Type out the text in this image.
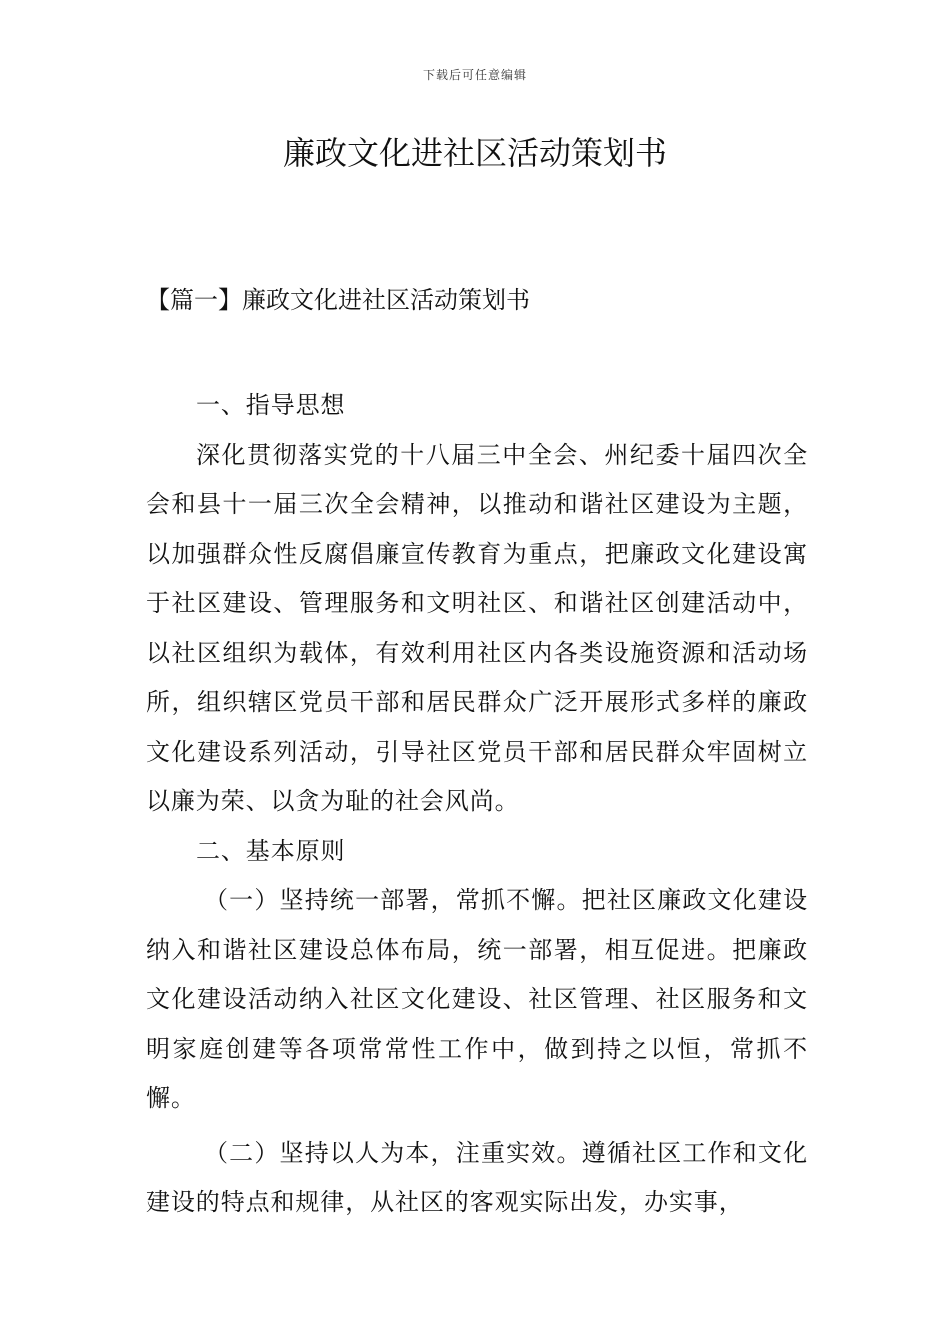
下载后可任意编辑
廉政文化进社区活动策划书
【篇一】廉政文化进社区活动策划书

一、指导思想

深化贯彻落实党的十八届三中全会、州纪委十届四次全会和县十一届三次全会精神，以推动和谐社区建设为主题，以加强群众性反腐倡廉宣传教育为重点，把廉政文化建设寓于社区建设、管理服务和文明社区、和谐社区创建活动中，以社区组织为载体，有效利用社区内各类设施资源和活动场所，组织辖区党员干部和居民群众广泛开展形式多样的廉政文化建设系列活动，引导社区党员干部和居民群众牢固树立以廉为荣、以贪为耻的社会风尚。

二、基本原则

（一）坚持统一部署，常抓不懈。把社区廉政文化建设纳入和谐社区建设总体布局，统一部署，相互促进。把廉政文化建设活动纳入社区文化建设、社区管理、社区服务和文明家庭创建等各项常常性工作中，做到持之以恒，常抓不懈。

（二）坚持以人为本，注重实效。遵循社区工作和文化建设的特点和规律，从社区的客观实际出发，办实事，
